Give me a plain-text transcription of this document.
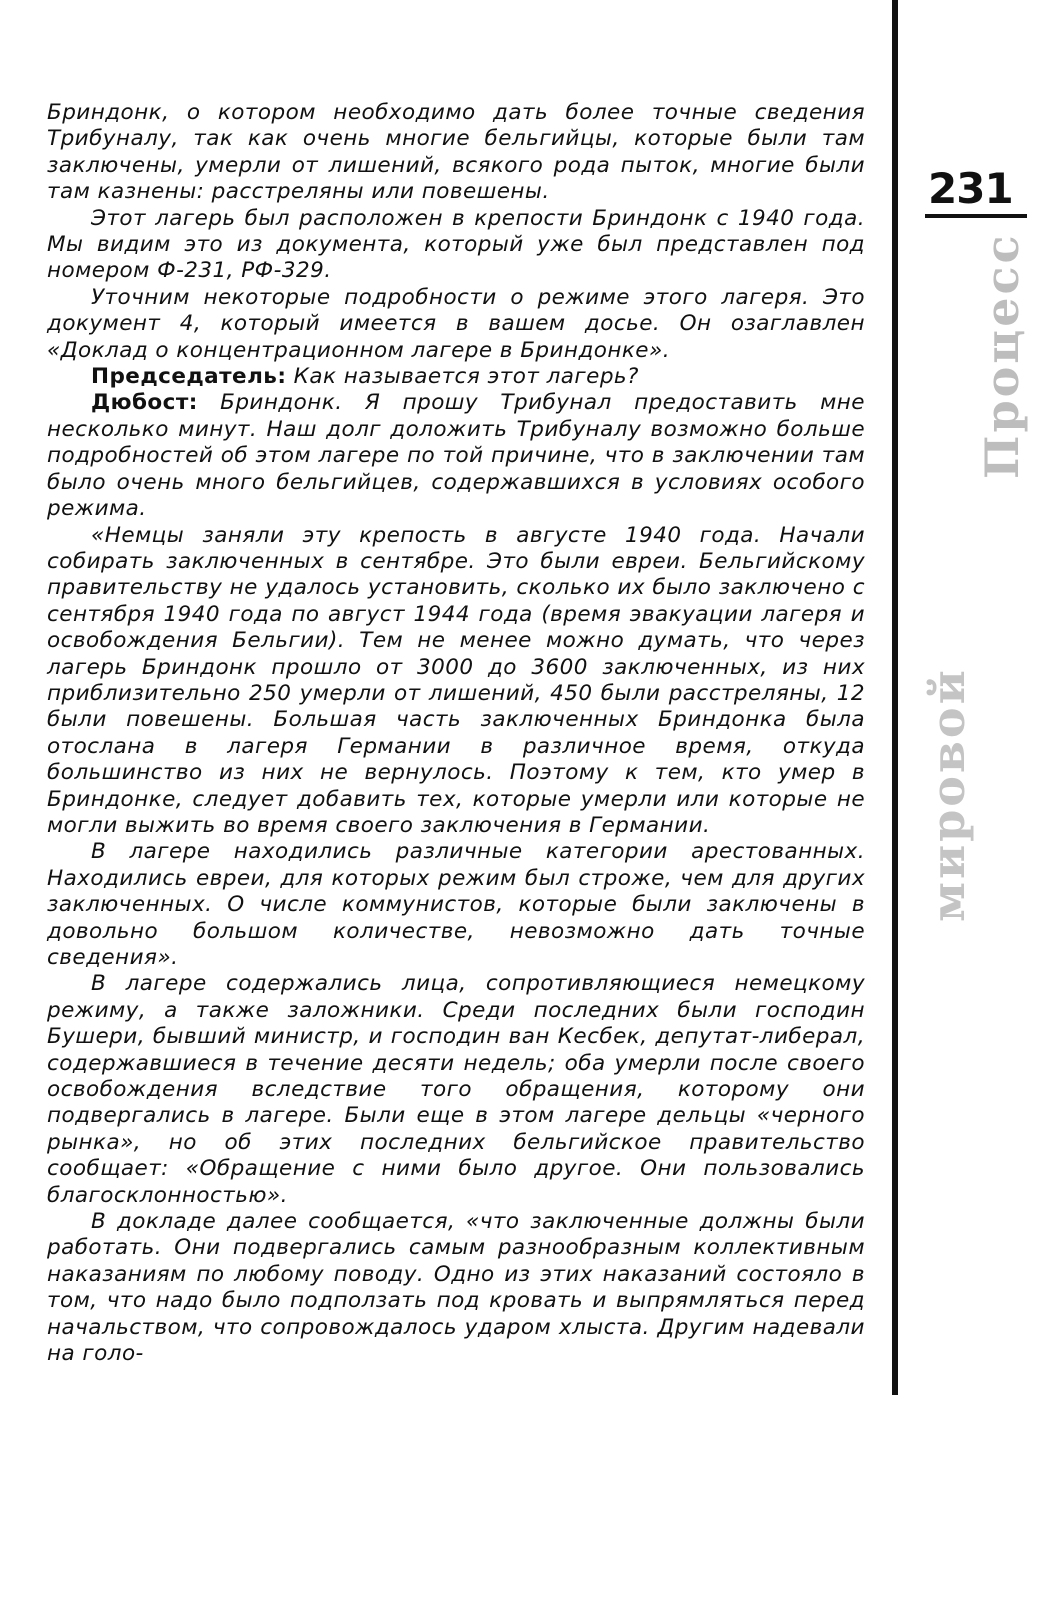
231
мировой
Процесс

Бриндонк, о котором необходимо дать более точные сведения Трибуналу, так как очень многие бельгийцы, которые были там заключены, умерли от лишений, всякого рода пыток, многие были там казнены: расстреляны или повешены.

Этот лагерь был расположен в крепости Бриндонк с 1940 года. Мы видим это из документа, который уже был представлен под номером Ф-231, РФ-329.

Уточним некоторые подробности о режиме этого лагеря. Это документ 4, который имеется в вашем досье. Он озаглавлен «Доклад о концентрационном лагере в Бриндонке».

Председатель: Как называется этот лагерь?

Дюбост: Бриндонк. Я прошу Трибунал предоставить мне несколько минут. Наш долг доложить Трибуналу возможно больше подробностей об этом лагере по той причине, что в заключении там было очень много бельгийцев, содержавшихся в условиях особого режима.

«Немцы заняли эту крепость в августе 1940 года. Начали собирать заключенных в сентябре. Это были евреи. Бельгийскому правительству не удалось установить, сколько их было заключено с сентября 1940 года по август 1944 года (время эвакуации лагеря и освобождения Бельгии). Тем не менее можно думать, что через лагерь Бриндонк прошло от 3000 до 3600 заключенных, из них приблизительно 250 умерли от лишений, 450 были расстреляны, 12 были повешены. Большая часть заключенных Бриндонка была отослана в лагеря Германии в различное время, откуда большинство из них не вернулось. Поэтому к тем, кто умер в Бриндонке, следует добавить тех, которые умерли или которые не могли выжить во время своего заключения в Германии.

В лагере находились различные категории арестованных. Находились евреи, для которых режим был строже, чем для других заключенных. О числе коммунистов, которые были заключены в довольно большом количестве, невозможно дать точные сведения».

В лагере содержались лица, сопротивляющиеся немецкому режиму, а также заложники. Среди последних были господин Бушери, бывший министр, и господин ван Кесбек, депутат-либерал, содержавшиеся в течение десяти недель; оба умерли после своего освобождения вследствие того обращения, которому они подвергались в лагере. Были еще в этом лагере дельцы «черного рынка», но об этих последних бельгийское правительство сообщает: «Обращение с ними было другое. Они пользовались благосклонностью».

В докладе далее сообщается, «что заключенные должны были работать. Они подвергались самым разнообразным коллективным наказаниям по любому поводу. Одно из этих наказаний состояло в том, что надо было подползать под кровать и выпрямляться перед начальством, что сопровождалось ударом хлыста. Другим надевали на голо-
